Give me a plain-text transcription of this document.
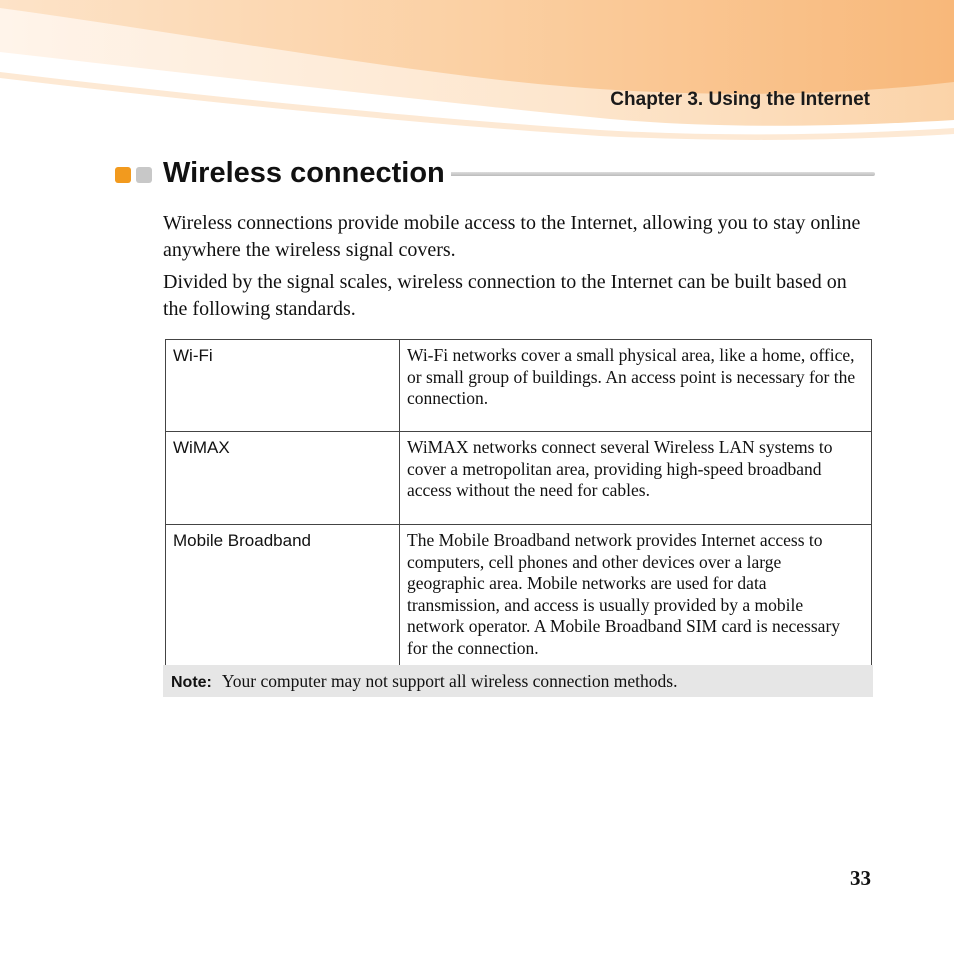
Chapter 3. Using the Internet
Wireless connection

Wireless connections provide mobile access to the Internet, allowing you to stay online anywhere the wireless signal covers.

Divided by the signal scales, wireless connection to the Internet can be built based on the following standards.

Wi-Fi	Wi-Fi networks cover a small physical area, like a home, office, or small group of buildings. An access point is necessary for the connection.
WiMAX	WiMAX networks connect several Wireless LAN systems to cover a metropolitan area, providing high-speed broadband access without the need for cables.
Mobile Broadband	The Mobile Broadband network provides Internet access to computers, cell phones and other devices over a large geographic area. Mobile networks are used for data transmission, and access is usually provided by a mobile network operator. A Mobile Broadband SIM card is necessary for the connection.
Note: Your computer may not support all wireless connection methods.
33
